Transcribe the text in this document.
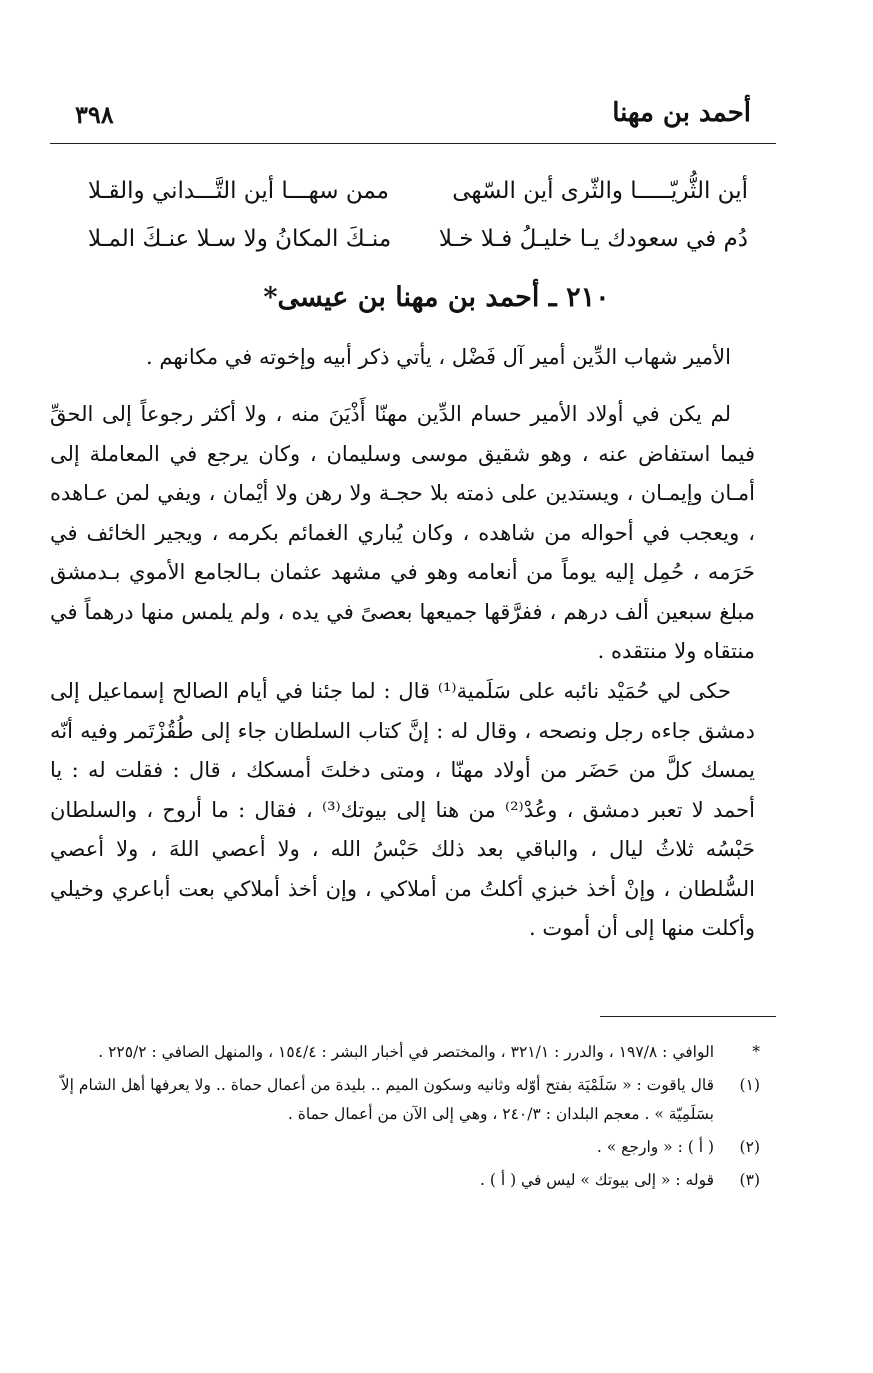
أحمد بن مهنا
٣٩٨
أين الثُّريّـــــا والثّرى أين السّهى
ممن سهـــا أين التَّـــداني والقـلا
دُم في سعودك يـا خليـلُ فـلا خـلا
منـكَ المكانُ ولا سـلا عنـكَ المـلا
٢١٠ ـ أحمد بن مهنا بن عيسى*
الأمير شهاب الدِّين أمير آل فَضْل ، يأتي ذكر أبيه وإخوته في مكانهم .
لم يكن في أولاد الأمير حسام الدِّين مهنّا أَذْيَنَ منه ، ولا أكثر رجوعاً إلى الحقِّ فيما استفاض عنه ، وهو شقيق موسى وسليمان ، وكان يرجع في المعاملة إلى أمـان وإيمـان ، ويستدين على ذمته بلا حجـة ولا رهن ولا أيْمان ، ويفي لمن عـاهده ، ويعجب في أحواله من شاهده ، وكان يُباري الغمائم بكرمه ، ويجير الخائف في حَرَمه ، حُمِل إليه يوماً من أنعامه وهو في مشهد عثمان بـالجامع الأموي بـدمشق مبلغ سبعين ألف درهم ، ففرَّقها جميعها بعصىً في يده ، ولم يلمس منها درهماً في منتقاه ولا منتقده .
حكى لي حُمَيْد نائبه على سَلَمية⁽¹⁾ قال : لما جئنا في أيام الصالح إسماعيل إلى دمشق جاءه رجل ونصحه ، وقال له : إنَّ كتاب السلطان جاء إلى طُقُزْتَمر وفيه أنّه يمسك كلَّ من حَضَر من أولاد مهنّا ، ومتى دخلتَ أمسكك ، قال : فقلت له : يا أحمد لا تعبر دمشق ، وعُدْ⁽²⁾ من هنا إلى بيوتك⁽³⁾ ، فقال : ما أروح ، والسلطان حَبْسُه ثلاثُ ليال ، والباقي بعد ذلك حَبْسُ الله ، ولا أعصي اللهَ ، ولا أعصي السُّلطان ، وإنْ أخذ خبزي أكلتُ من أملاكي ، وإن أخذ أملاكي بعت أباعري وخيلي وأكلت منها إلى أن أموت .
*
الوافي : ١٩٧/٨ ، والدرر : ٣٢١/١ ، والمختصر في أخبار البشر : ١٥٤/٤ ، والمنهل الصافي : ٢٢٥/٢ .
(١)
قال ياقوت : « سَلَمْيَة بفتح أوّله وثانيه وسكون الميم .. بليدة من أعمال حماة .. ولا يعرفها أهل الشام إلاّ بسَلَمِيّة » . معجم البلدان : ٢٤٠/٣ ، وهي إلى الآن من أعمال حماة .
(٢)
( أ ) : « وارجع » .
(٣)
قوله : « إلى بيوتك » ليس في ( أ ) .
